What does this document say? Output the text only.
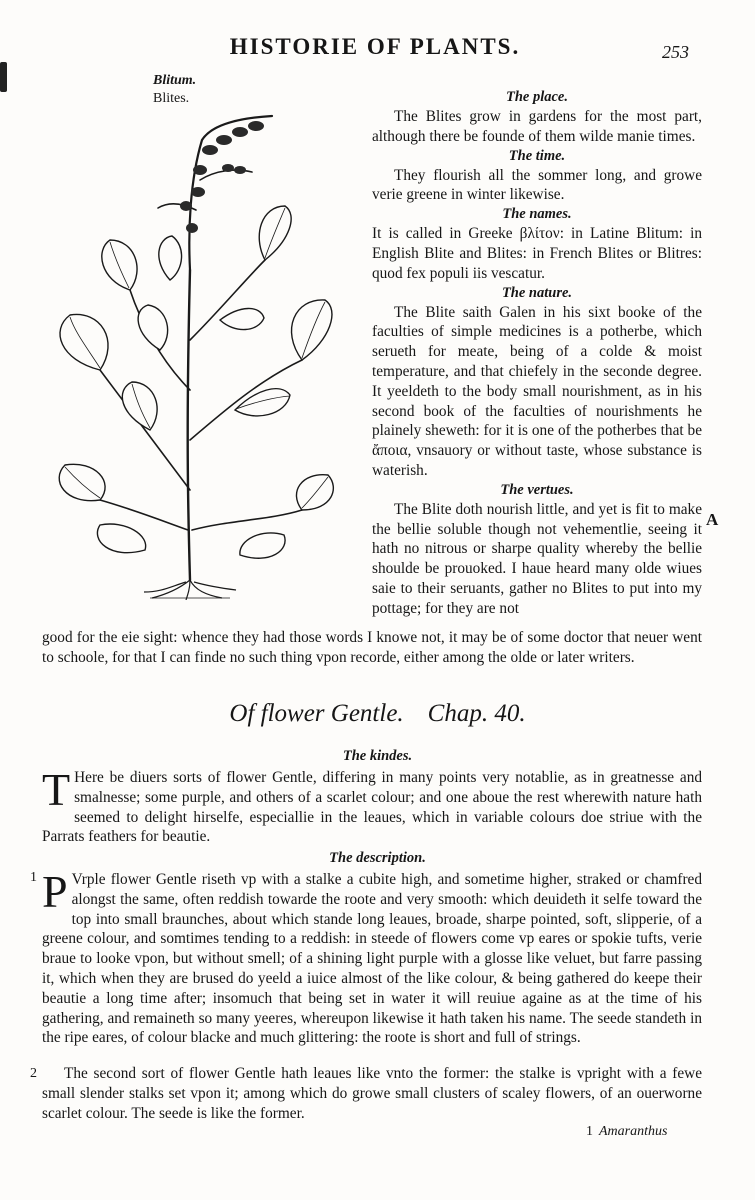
HISTORIE OF PLANTS.	253
Blitum.
Blites.	The place.

The Blites grow in gardens for the most part, although there be founde of them wilde manie times.

The time.

They flourish all the sommer long, and growe verie greene in winter likewise.

The names.

It is called in Greeke βλίτον: in Latine Blitum: in English Blite and Blites: in French Blites or Blitres: quod fex populi iis vescatur.

The nature.

The Blite saith Galen in his sixt booke of the faculties of simple medicines is a potherbe, which serueth for meate, being of a colde & moist temperature, and that chiefely in the seconde degree. It yeeldeth to the body small nourishment, as in his second book of the faculties of nourishments he plainely sheweth: for it is one of the potherbes that be ἄποια, vnsauory or without taste, whose substance is waterish.

The vertues.

The Blite doth nourish little, and yet is fit to make the bellie soluble though not vehementlie, seeing it hath no nitrous or sharpe quality whereby the bellie shoulde be prouoked. I haue heard many olde wiues saie to their seruants, gather no Blites to put into my pottage; for they are not

A

good for the eie sight: whence they had those words I knowe not, it may be of some doctor that neuer went to schoole, for that I can finde no such thing vpon recorde, either among the olde or later writers.

Of flower Gentle. Chap. 40.
The kindes.
T Here be diuers sorts of flower Gentle, differing in many points very notablie, as in greatnesse and smalnesse; some purple, and others of a scarlet colour; and one aboue the rest wherewith nature hath seemed to delight hirselfe, especiallie in the leaues, which in variable colours doe striue with the Parrats feathers for beautie.

The description.
1 P Vrple flower Gentle riseth vp with a stalke a cubite high, and sometime higher, straked or chamfred alongst the same, often reddish towarde the roote and very smooth: which deuideth it selfe toward the top into small braunches, about which stande long leaues, broade, sharpe pointed, soft, slipperie, of a greene colour, and somtimes tending to a reddish: in steede of flowers come vp eares or spokie tufts, verie braue to looke vpon, but without smell; of a shining light purple with a glosse like veluet, but farre passing it, which when they are brused do yeeld a iuice almost of the like colour, & being gathered do keepe their beautie a long time after; insomuch that being set in water it will reuiue againe as at the time of his gathering, and remaineth so many yeeres, whereupon likewise it hath taken his name. The seede standeth in the ripe eares, of colour blacke and much glittering: the roote is short and full of strings.

2	The second sort of flower Gentle hath leaues like vnto the former: the stalke is vpright with a fewe small slender stalks set vpon it; among which do growe small clusters of scaley flowers, of an ouerworne scarlet colour. The seede is like the former.

1 Amaranthus
